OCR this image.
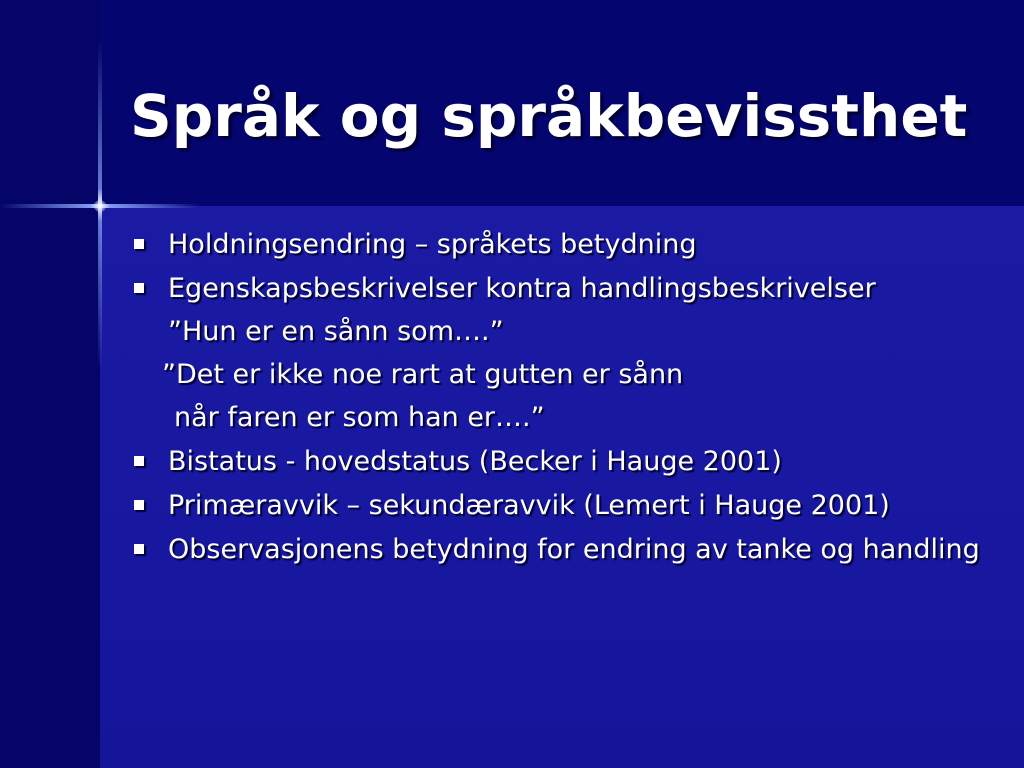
Språk og språkbevissthet
Holdningsendring – språkets betydning
Egenskapsbeskrivelser kontra handlingsbeskrivelser
”Hun er en sånn som….”
”Det er ikke noe rart at gutten er sånn
når faren er som han er….”
Bistatus - hovedstatus (Becker i Hauge 2001)
Primæravvik – sekundæravvik (Lemert i Hauge 2001)
Observasjonens betydning for endring av tanke og handling
